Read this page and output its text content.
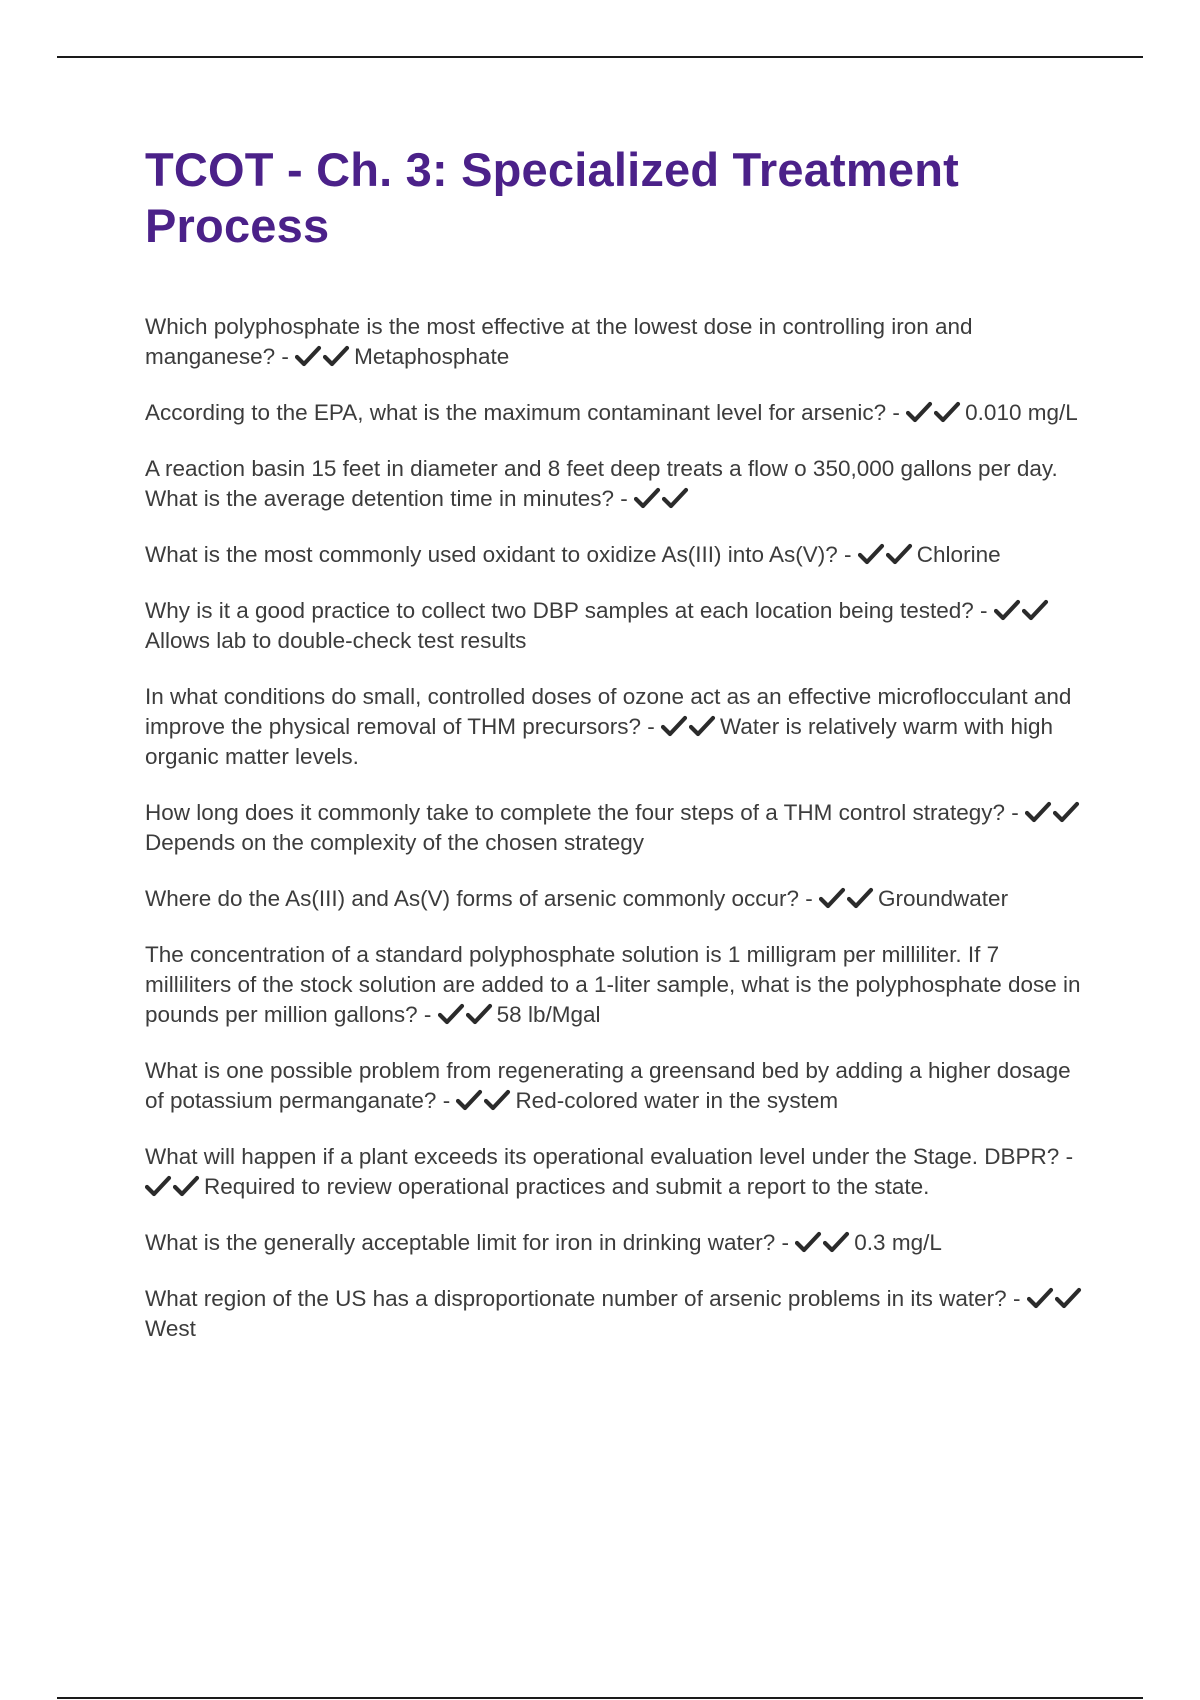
TCOT - Ch. 3: Specialized Treatment Process

Which polyphosphate is the most effective at the lowest dose in controlling iron and manganese? -	Metaphosphate

According to the EPA, what is the maximum contaminant level for arsenic? -	0.010 mg/L

A reaction basin 15 feet in diameter and 8 feet deep treats a flow o 350,000 gallons per day. What is the average detention time in minutes? -

What is the most commonly used oxidant to oxidize As(III) into As(V)? -	Chlorine

Why is it a good practice to collect two DBP samples at each location being tested? -
Allows lab to double-check test results

In what conditions do small, controlled doses of ozone act as an effective microflocculant and improve the physical removal of THM precursors? -	Water is relatively warm with high organic matter levels.

How long does it commonly take to complete the four steps of a THM control strategy? -
Depends on the complexity of the chosen strategy

Where do the As(III) and As(V) forms of arsenic commonly occur? -	Groundwater

The concentration of a standard polyphosphate solution is 1 milligram per milliliter. If 7 milliliters of the stock solution are added to a 1-liter sample, what is the polyphosphate dose in pounds per million gallons? -	58 lb/Mgal

What is one possible problem from regenerating a greensand bed by adding a higher dosage of potassium permanganate? -	Red-colored water in the system

What will happen if a plant exceeds its operational evaluation level under the Stage. DBPR? -
Required to review operational practices and submit a report to the state.

What is the generally acceptable limit for iron in drinking water? -	0.3 mg/L

What region of the US has a disproportionate number of arsenic problems in its water? -
West
